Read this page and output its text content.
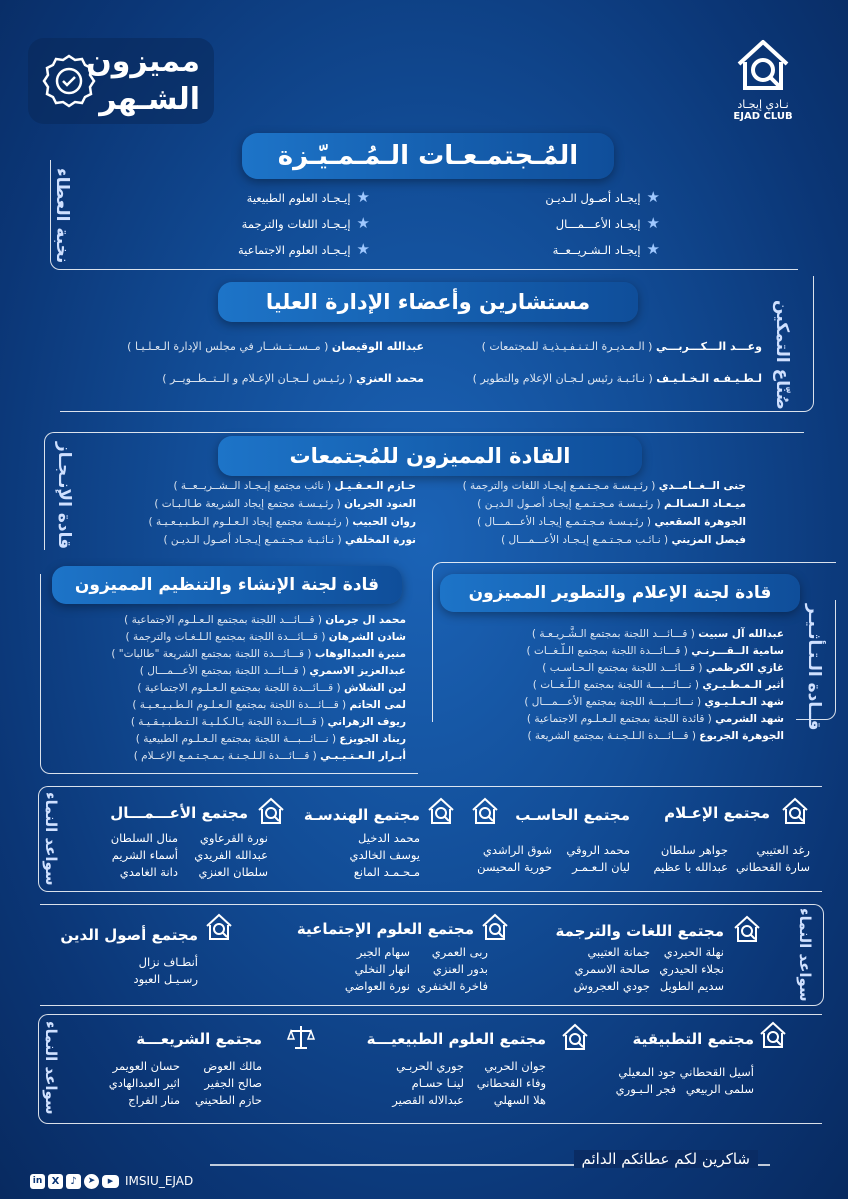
نـادي إيجـاد
EJAD CLUB
مميزون
الشـهر
المُـجتمـعـات الـمُـمـيّـزة
نخبة العطاء	★إيجـاد أصـول الـديـن
★إيجـاد الأعـــمـــال
★إيجـاد الـشـريــعــة
★إيـجـاد العلوم الطبيعية
★إيـجـاد اللغات والترجمة
★إيـجـاد العلوم الاجتماعية
مستشارين وأعضاء الإدارة العليا	صُنّاع التمكين
وعـــد الـــكـــربـــي ( الـمـديـرة الـتـنـفـيـذيـة للمجتمعات )
عبدالله الوقيصان ( مــســتــشــار في مجلس الإدارة الـعـلـيـا )
لـطـيـفـه الـخـلـيـف ( نـائـبـة رئيس لـجـان الإعلام والتطوير )
محمد العنزي ( رئـيـس لــجـان الإعـلام و الــتــطــويــر )
القادة المميزون للمُجتمعات
قادة الإنـجـاز	جنى الــغــامــدي ( رئـيـسـة مـجـتـمـع إيجـاد اللغات والترجمة )
ميـعـاد الـسـالـم ( رئـيـسـة مـجـتـمـع إيجـاد أصـول الـديـن )
الجوهرة الصقعبي ( رئـيـسـة مـجـتـمـع إيجـاد الأعـــمـــال )
فيصل المزيني ( نـائـب مـجـتـمـع إيـجـاد الأعـــمـــال )
حـازم الـعـقـيـل ( نائب مجتمع إيـجـاد الــشــريــعــة )
العنود الجريان ( رئـيـسـة مجتمع إيجاد الشريعة طـالـبـات )
روان الحبيب ( رئـيـسـة مجتمع إيجاد الـعـلـوم الـطـبـيـعـيـة )
نورة المخلفي ( نـائـبـة مـجـتـمـع إيـجـاد أصـول الـديـن )
قادة لجنة الإنشاء والتنظيم المميزون
محمد ال جرمان ( قـــائـــد اللجنة بمجتمع الـعـلـوم الاجتماعية )
شادن الشرهان ( قـــائـــدة اللجنة بمجتمع الـلـغـات والترجمة )
منيرة العبدالوهاب ( قـــائـــدة اللجنة بمجتمع الشريعة "طالبات" )
عبدالعزيز الاسمري ( قـــائـــد اللجنة بمجتمع الأعـــمـــال )
لين الشلاش ( قـــائـــدة اللجنة بمجتمع الـعـلـوم الاجتماعية )
لمى الحاتم ( قـــائـــدة اللجنة بمجتمع الـعـلـوم الـطـبـيـعـيـة )
ريوف الزهراني ( قـــائـــدة اللجنة بـالـكـلـيـة الـتـطـبـيـقـيـة )
ريناد الجويزع ( نـــائـــبـــة اللجنة بمجتمع الـعـلـوم الطبيعية )
أبـرار الـعـتـيـبـي ( قـــائـــدة الـلـجـنـة بـمـجـتـمـع الإعــلام )
قادة لجنة الإعلام والتطوير المميزون
قــادة الـتـأثـيـر
عبدالله آل سبيت ( قـــائـــد اللجنة بمجتمع الـشَّـريـعـة )
سامية الــقـــرنـي ( قـــائـــدة اللجنة بمجتمع الـلُّـغــات )
غازي الكرظمي ( قـــائـــد اللجنة بمجتمع الـحـاسـب )
أثير الـمـطـيـري ( نـــائـــبـــة اللجنة بمجتمع الـلُّـغــات )
شهد الـعـلـيـوي ( نـــائـــبـــة اللجنة بمجتمع الأعـــمـــال )
شهد الشرمي ( قائدة اللجنة بمجتمع الـعـلـوم الاجتماعية )
الجوهرة الجربوع ( قـــائـــدة الـلـجـنـة بمجتمع الشريعة )
سواعد النماء
سواعد النماء
سواعد النماء
مجتمع الإعـلام
رغد العتيبي
سارة القحطاني
جواهر سلطان
عبدالله با عظيم
مجتمع الحاسـب
محمد الروقي
ليان الـعـمـر
شوق الراشدي
حورية المحيسن
مجتمع الهندسـة
محمد الدخيل
يوسف الخالدي
مـحـمـد المانع
مجتمع الأعـــمـــال
نورة القرعاوي
عبدالله الفريدي
سلطان العنزي
منال السلطان
أسماء الشريم
دانة الغامدي
مجتمع اللغات والترجمة
نهلة الحبردي
نجلاء الحيدري
سديم الطويل
جمانة العتيبي
صالحة الاسمري
جودي العجروش
مجتمع العلوم الإجتماعية
ربى العمري
بدور العنزي
فاخرة الخنفري
سهام الجبر
انهار النخلي
نورة العواضي
مجتمع أصول الدين
أنطـاف نزال
رسـيـل العبود
مجتمع التطبيقية
أسيل القحطاني
سلمى الربيعي
جود المعيلي
فجر الـبـوري
مجتمع العلوم الطبيعيـــة
جوان الحربي
وفاء القحطاني
هلا السهلي
جوري الحربـي
لينـا حسـام
عبدالاله القصير
مجتمع الشريعـــة
مالك العوض
صالح الجفير
حازم الطحيني
حسان العويمر
اثير العبدالهادي
منار الفراج
شاكرين لكم عطائكم الدائم
in X	♪	➤	▶ IMSIU_EJAD
